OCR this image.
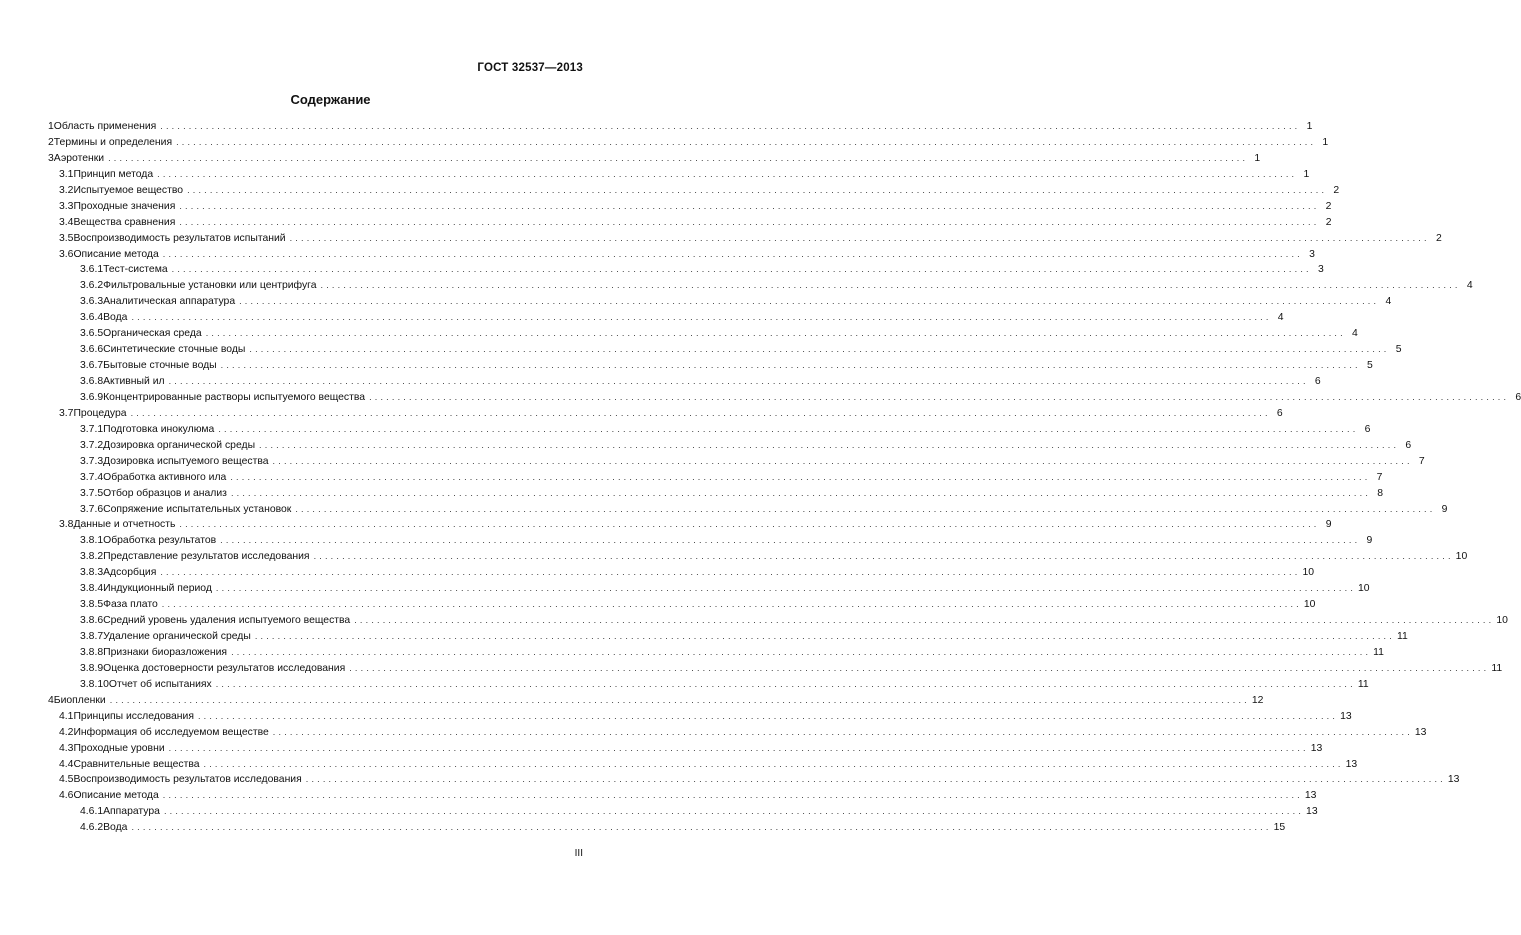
ГОСТ 32537—2013
Содержание
1 Область применения ........................................................................................................................................................................................................ 1
2 Термины и определения ........................................................................................................................................................................................................ 1
3 Аэротенки ........................................................................................................................................................................................................ 1
3.1 Принцип метода ........................................................................................................................................................................................................ 1
3.2 Испытуемое вещество ........................................................................................................................................................................................................ 2
3.3 Проходные значения ........................................................................................................................................................................................................ 2
3.4 Вещества сравнения ........................................................................................................................................................................................................ 2
3.5 Воспроизводимость результатов испытаний ........................................................................................................................................................................................................ 2
3.6 Описание метода ........................................................................................................................................................................................................ 3
3.6.1 Тест-система ........................................................................................................................................................................................................ 3
3.6.2 Фильтровальные установки или центрифуга ........................................................................................................................................................................................................ 4
3.6.3 Аналитическая аппаратура ........................................................................................................................................................................................................ 4
3.6.4 Вода ........................................................................................................................................................................................................ 4
3.6.5 Органическая среда ........................................................................................................................................................................................................ 4
3.6.6 Синтетические сточные воды ........................................................................................................................................................................................................ 5
3.6.7 Бытовые сточные воды ........................................................................................................................................................................................................ 5
3.6.8 Активный ил ........................................................................................................................................................................................................ 6
3.6.9 Концентрированные растворы испытуемого вещества ........................................................................................................................................................................................................ 6
3.7 Процедура ........................................................................................................................................................................................................ 6
3.7.1 Подготовка инокулюма ........................................................................................................................................................................................................ 6
3.7.2 Дозировка органической среды ........................................................................................................................................................................................................ 6
3.7.3 Дозировка испытуемого вещества ........................................................................................................................................................................................................ 7
3.7.4 Обработка активного ила ........................................................................................................................................................................................................ 7
3.7.5 Отбор образцов и анализ ........................................................................................................................................................................................................ 8
3.7.6 Сопряжение испытательных установок ........................................................................................................................................................................................................ 9
3.8 Данные и отчетность ........................................................................................................................................................................................................ 9
3.8.1 Обработка результатов ........................................................................................................................................................................................................ 9
3.8.2 Представление результатов исследования ........................................................................................................................................................................................................ 10
3.8.3 Адсорбция ........................................................................................................................................................................................................ 10
3.8.4 Индукционный период ........................................................................................................................................................................................................ 10
3.8.5 Фаза плато ........................................................................................................................................................................................................ 10
3.8.6 Средний уровень удаления испытуемого вещества ........................................................................................................................................................................................................ 10
3.8.7 Удаление органической среды ........................................................................................................................................................................................................ 11
3.8.8 Признаки биоразложения ........................................................................................................................................................................................................ 11
3.8.9 Оценка достоверности результатов исследования ........................................................................................................................................................................................................ 11
3.8.10 Отчет об испытаниях ........................................................................................................................................................................................................ 11
4 Биопленки ........................................................................................................................................................................................................ 12
4.1 Принципы исследования ........................................................................................................................................................................................................ 13
4.2 Информация об исследуемом веществе ........................................................................................................................................................................................................ 13
4.3 Проходные уровни ........................................................................................................................................................................................................ 13
4.4 Сравнительные вещества ........................................................................................................................................................................................................ 13
4.5 Воспроизводимость результатов исследования ........................................................................................................................................................................................................ 13
4.6 Описание метода ........................................................................................................................................................................................................ 13
4.6.1 Аппаратура ........................................................................................................................................................................................................ 13
4.6.2 Вода ........................................................................................................................................................................................................ 15
III
